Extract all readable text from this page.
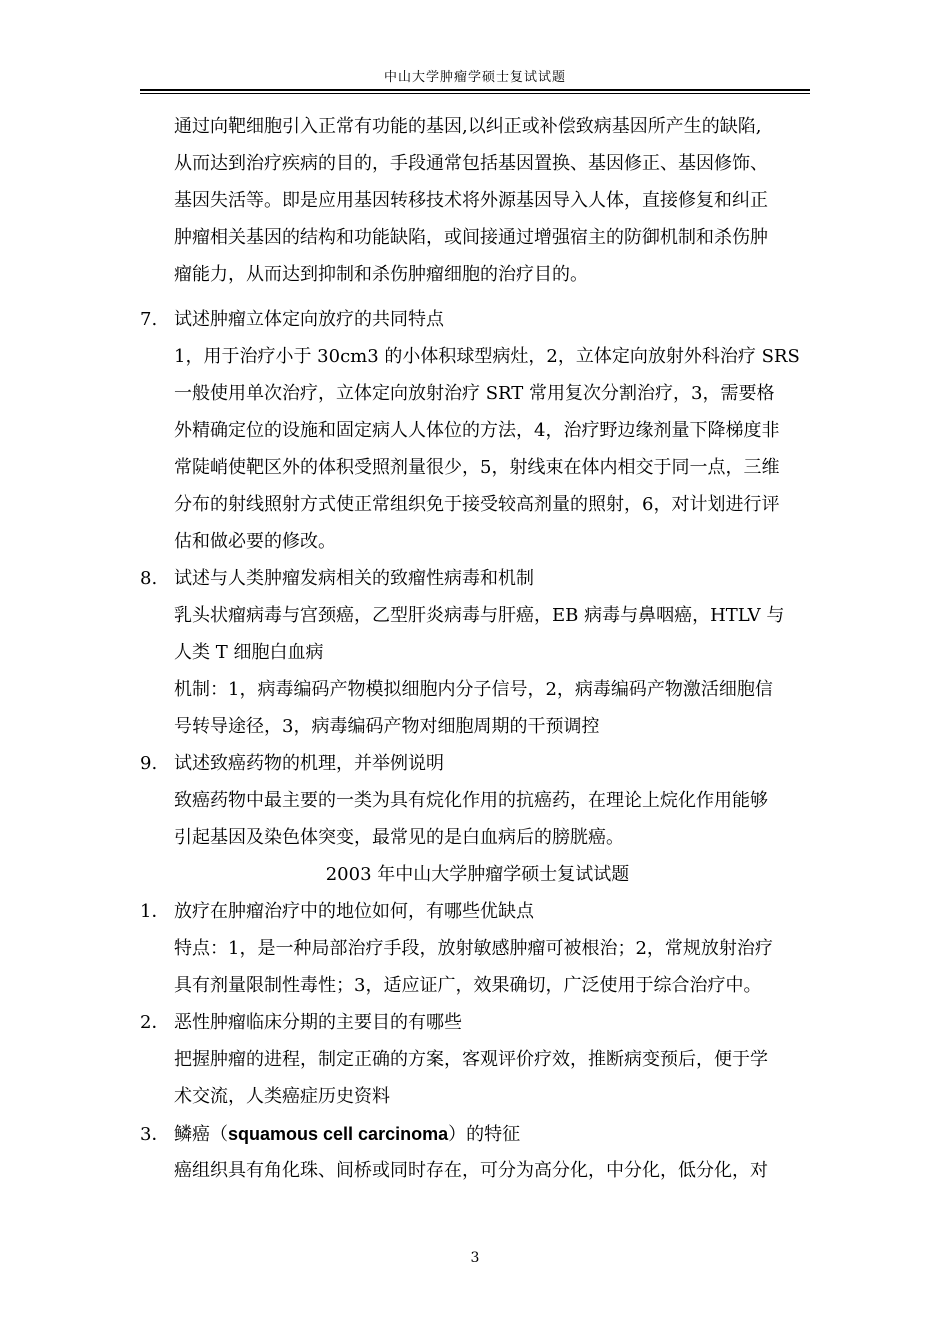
中山大学肿瘤学硕士复试试题
通过向靶细胞引入正常有功能的基因,以纠正或补偿致病基因所产生的缺陷,
从而达到治疗疾病的目的，手段通常包括基因置换、基因修正、基因修饰、
基因失活等。即是应用基因转移技术将外源基因导入人体，直接修复和纠正
肿瘤相关基因的结构和功能缺陷，或间接通过增强宿主的防御机制和杀伤肿
瘤能力，从而达到抑制和杀伤肿瘤细胞的治疗目的。
7. 试述肿瘤立体定向放疗的共同特点
1，用于治疗小于 30cm3 的小体积球型病灶，2，立体定向放射外科治疗 SRS
一般使用单次治疗，立体定向放射治疗 SRT 常用复次分割治疗，3，需要格
外精确定位的设施和固定病人人体位的方法，4，治疗野边缘剂量下降梯度非
常陡峭使靶区外的体积受照剂量很少，5，射线束在体内相交于同一点，三维
分布的射线照射方式使正常组织免于接受较高剂量的照射，6，对计划进行评
估和做必要的修改。
8. 试述与人类肿瘤发病相关的致瘤性病毒和机制
乳头状瘤病毒与宫颈癌，乙型肝炎病毒与肝癌，EB 病毒与鼻咽癌，HTLV 与
人类 T 细胞白血病
机制：1，病毒编码产物模拟细胞内分子信号，2，病毒编码产物激活细胞信
号转导途径，3，病毒编码产物对细胞周期的干预调控
9. 试述致癌药物的机理，并举例说明
致癌药物中最主要的一类为具有烷化作用的抗癌药，在理论上烷化作用能够
引起基因及染色体突变，最常见的是白血病后的膀胱癌。
2003 年中山大学肿瘤学硕士复试试题
1． 放疗在肿瘤治疗中的地位如何，有哪些优缺点
特点：1，是一种局部治疗手段，放射敏感肿瘤可被根治；2，常规放射治疗
具有剂量限制性毒性；3，适应证广，效果确切，广泛使用于综合治疗中。
2． 恶性肿瘤临床分期的主要目的有哪些
把握肿瘤的进程，制定正确的方案，客观评价疗效，推断病变预后，便于学
术交流，人类癌症历史资料
3． 鳞癌（squamous cell carcinoma）的特征
癌组织具有角化珠、间桥或同时存在，可分为高分化，中分化，低分化，对
3
